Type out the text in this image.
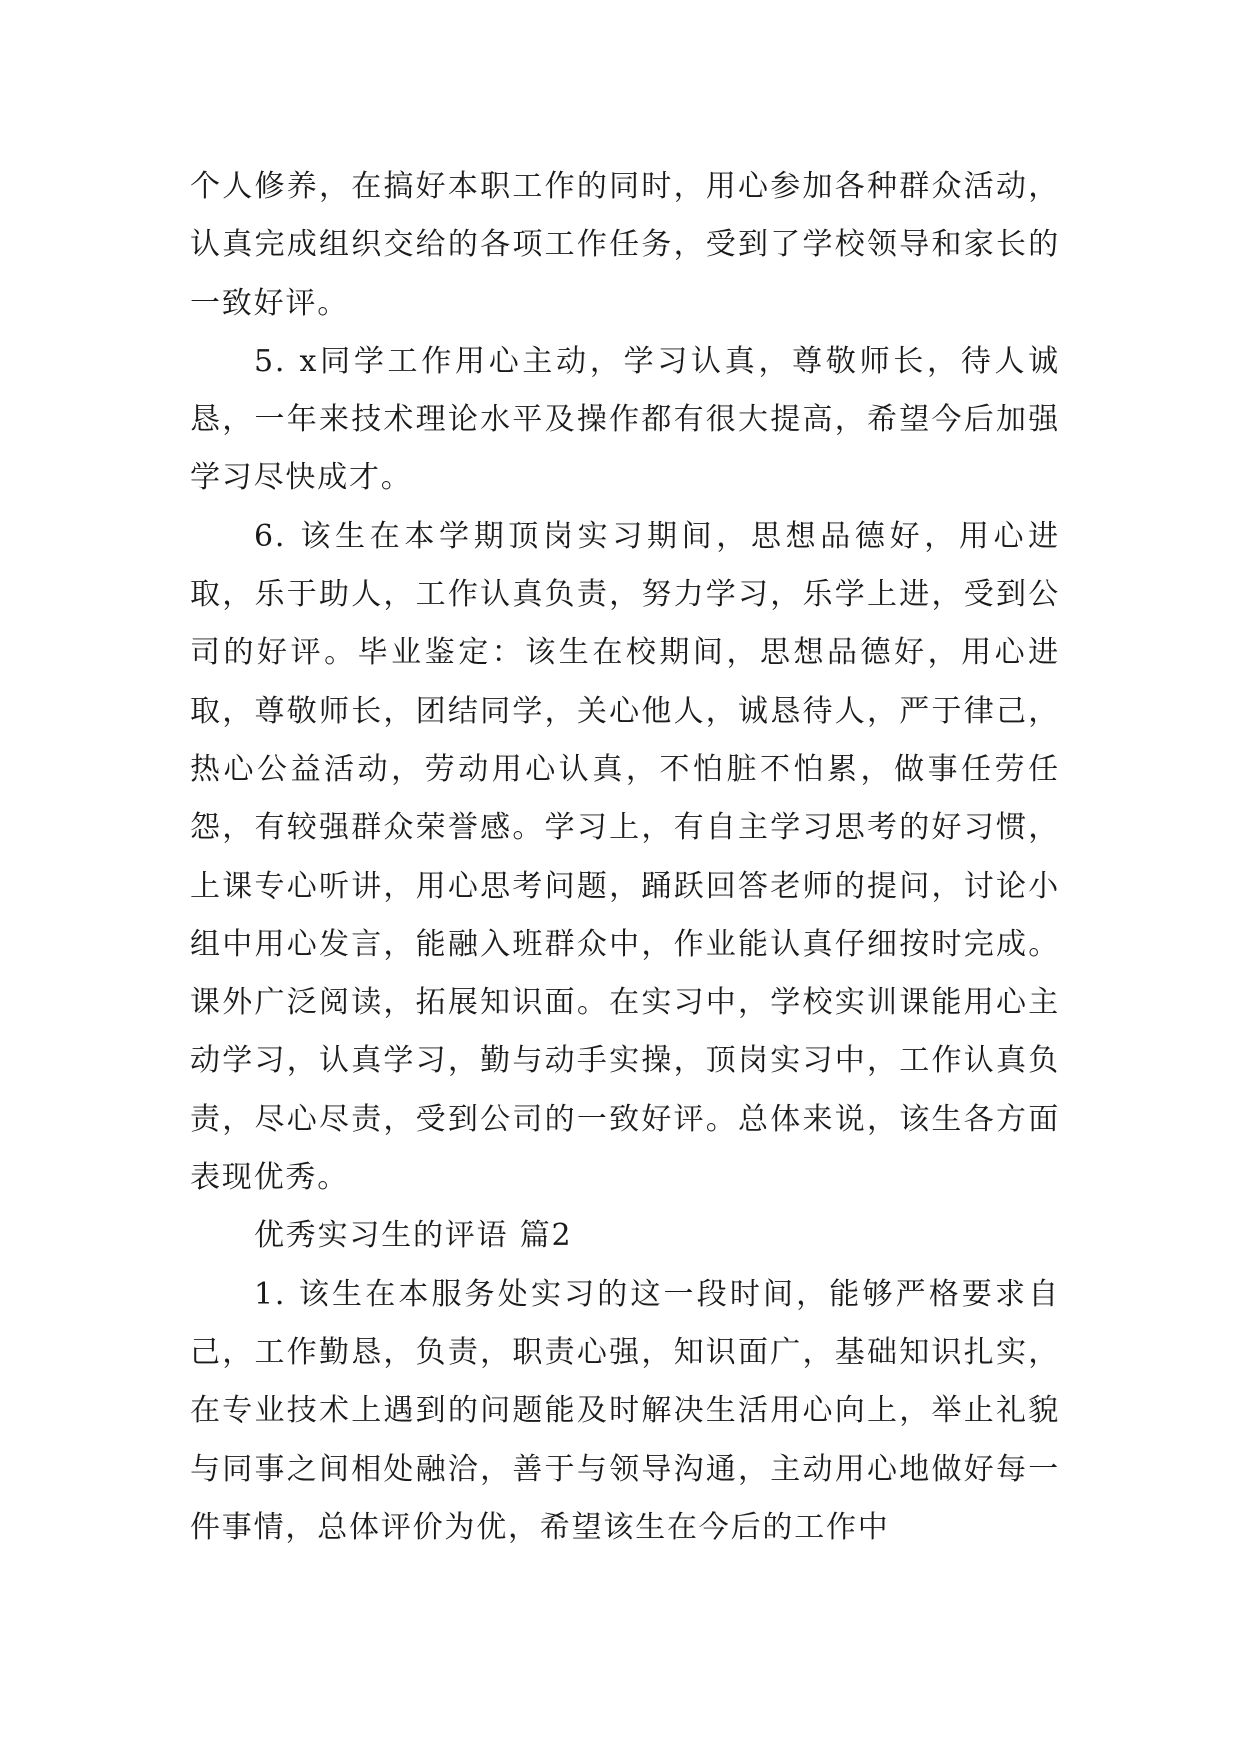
个人修养，在搞好本职工作的同时，用心参加各种群众活动，认真完成组织交给的各项工作任务，受到了学校领导和家长的一致好评。

5. x同学工作用心主动，学习认真，尊敬师长，待人诚恳，一年来技术理论水平及操作都有很大提高，希望今后加强学习尽快成才。

6. 该生在本学期顶岗实习期间，思想品德好，用心进取，乐于助人，工作认真负责，努力学习，乐学上进，受到公司的好评。毕业鉴定：该生在校期间，思想品德好，用心进取，尊敬师长，团结同学，关心他人，诚恳待人，严于律己，热心公益活动，劳动用心认真，不怕脏不怕累，做事任劳任怨，有较强群众荣誉感。学习上，有自主学习思考的好习惯，上课专心听讲，用心思考问题，踊跃回答老师的提问，讨论小组中用心发言，能融入班群众中，作业能认真仔细按时完成。课外广泛阅读，拓展知识面。在实习中，学校实训课能用心主动学习，认真学习，勤与动手实操，顶岗实习中，工作认真负责，尽心尽责，受到公司的一致好评。总体来说，该生各方面表现优秀。

优秀实习生的评语 篇2

1. 该生在本服务处实习的这一段时间，能够严格要求自己，工作勤恳，负责，职责心强，知识面广，基础知识扎实，在专业技术上遇到的问题能及时解决生活用心向上，举止礼貌与同事之间相处融洽，善于与领导沟通，主动用心地做好每一件事情，总体评价为优，希望该生在今后的工作中
